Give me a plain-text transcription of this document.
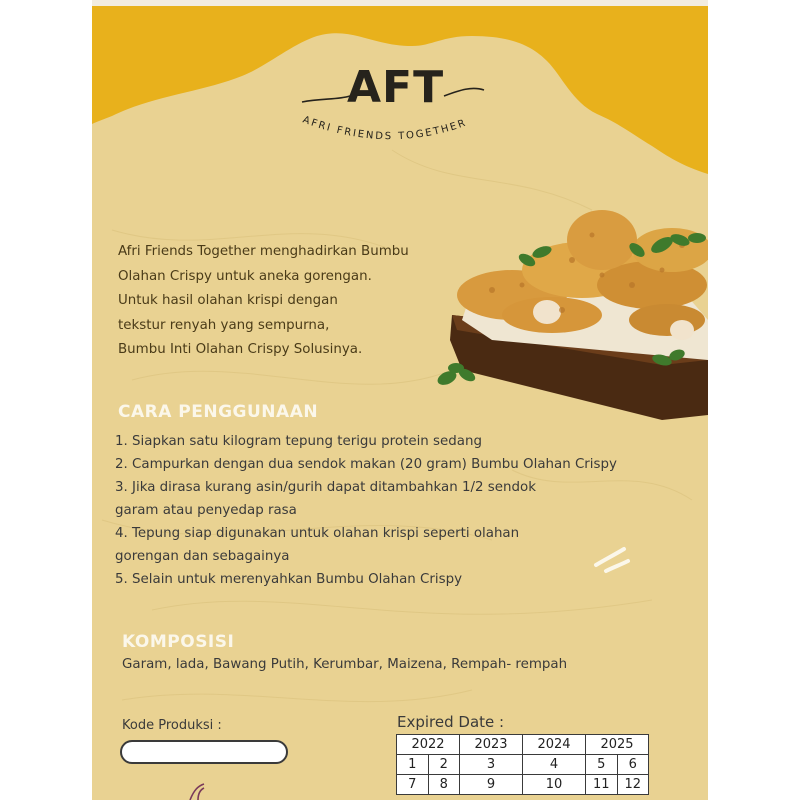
AFT
AFRI FRIENDS TOGETHER
Afri Friends Together menghadirkan Bumbu
Olahan Crispy untuk aneka gorengan.
Untuk hasil olahan krispi dengan
tekstur renyah yang sempurna,
Bumbu Inti Olahan Crispy Solusinya.
CARA PENGGUNAAN
1. Siapkan satu kilogram tepung terigu protein sedang
2. Campurkan dengan dua sendok makan (20 gram) Bumbu Olahan Crispy
3. Jika dirasa kurang asin/gurih dapat ditambahkan 1/2 sendok
garam atau penyedap rasa
4. Tepung siap digunakan untuk olahan krispi seperti olahan
gorengan dan sebagainya
5. Selain untuk merenyahkan Bumbu Olahan Crispy
KOMPOSISI
Garam, lada, Bawang Putih, Kerumbar, Maizena, Rempah- rempah
Kode Produksi :	Expired Date :
2022		2023	2024	2025	
1	2	3	4	5	6
7	8	9	10	11	12
